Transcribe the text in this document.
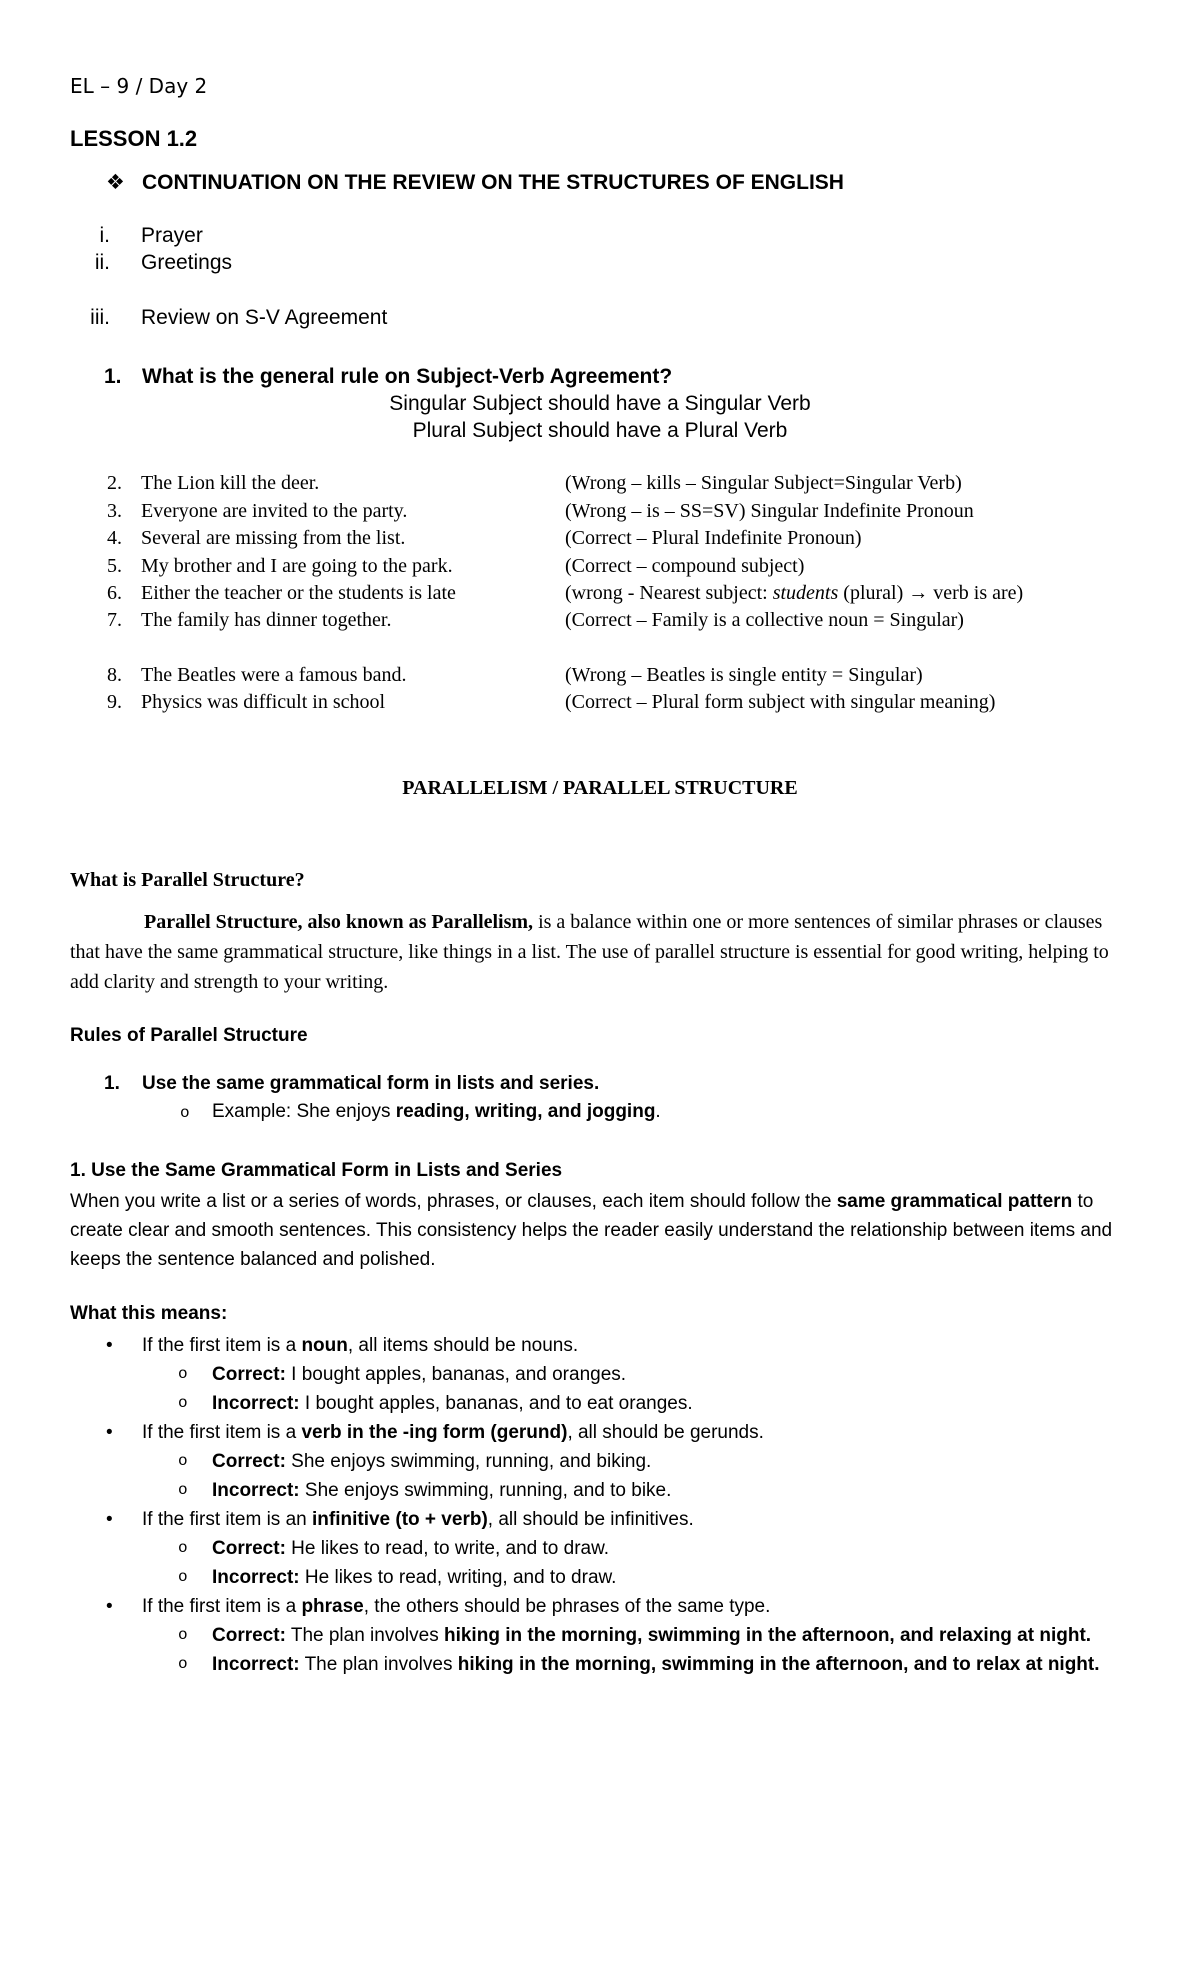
EL – 9 / Day 2
LESSON 1.2
❖ CONTINUATION ON THE REVIEW ON THE STRUCTURES OF ENGLISH
i. Prayer
ii. Greetings
iii. Review on S-V Agreement
1. What is the general rule on Subject-Verb Agreement?
Singular Subject should have a Singular Verb
Plural Subject should have a Plural Verb
2. The Lion kill the deer.	(Wrong – kills – Singular Subject=Singular Verb)
3. Everyone are invited to the party.	(Wrong – is – SS=SV) Singular Indefinite Pronoun
4. Several are missing from the list.	(Correct – Plural Indefinite Pronoun)
5. My brother and I are going to the park.	(Correct – compound subject)
6. Either the teacher or the students is late	(wrong - Nearest subject: students (plural) → verb is are)
7. The family has dinner together.	(Correct – Family is a collective noun = Singular)
8. The Beatles were a famous band.	(Wrong – Beatles is single entity = Singular)
9. Physics was difficult in school	(Correct – Plural form subject with singular meaning)
PARALLELISM / PARALLEL STRUCTURE
What is Parallel Structure?
Parallel Structure, also known as Parallelism, is a balance within one or more sentences of similar phrases or clauses that have the same grammatical structure, like things in a list. The use of parallel structure is essential for good writing, helping to add clarity and strength to your writing.
Rules of Parallel Structure
1. Use the same grammatical form in lists and series.
o Example: She enjoys reading, writing, and jogging.
1. Use the Same Grammatical Form in Lists and Series
When you write a list or a series of words, phrases, or clauses, each item should follow the same grammatical pattern to create clear and smooth sentences. This consistency helps the reader easily understand the relationship between items and keeps the sentence balanced and polished.
What this means:
• If the first item is a noun, all items should be nouns.
o Correct: I bought apples, bananas, and oranges.
o Incorrect: I bought apples, bananas, and to eat oranges.
• If the first item is a verb in the -ing form (gerund), all should be gerunds.
o Correct: She enjoys swimming, running, and biking.
o Incorrect: She enjoys swimming, running, and to bike.
• If the first item is an infinitive (to + verb), all should be infinitives.
o Correct: He likes to read, to write, and to draw.
o Incorrect: He likes to read, writing, and to draw.
• If the first item is a phrase, the others should be phrases of the same type.
o Correct: The plan involves hiking in the morning, swimming in the afternoon, and relaxing at night.
o Incorrect: The plan involves hiking in the morning, swimming in the afternoon, and to relax at night.
